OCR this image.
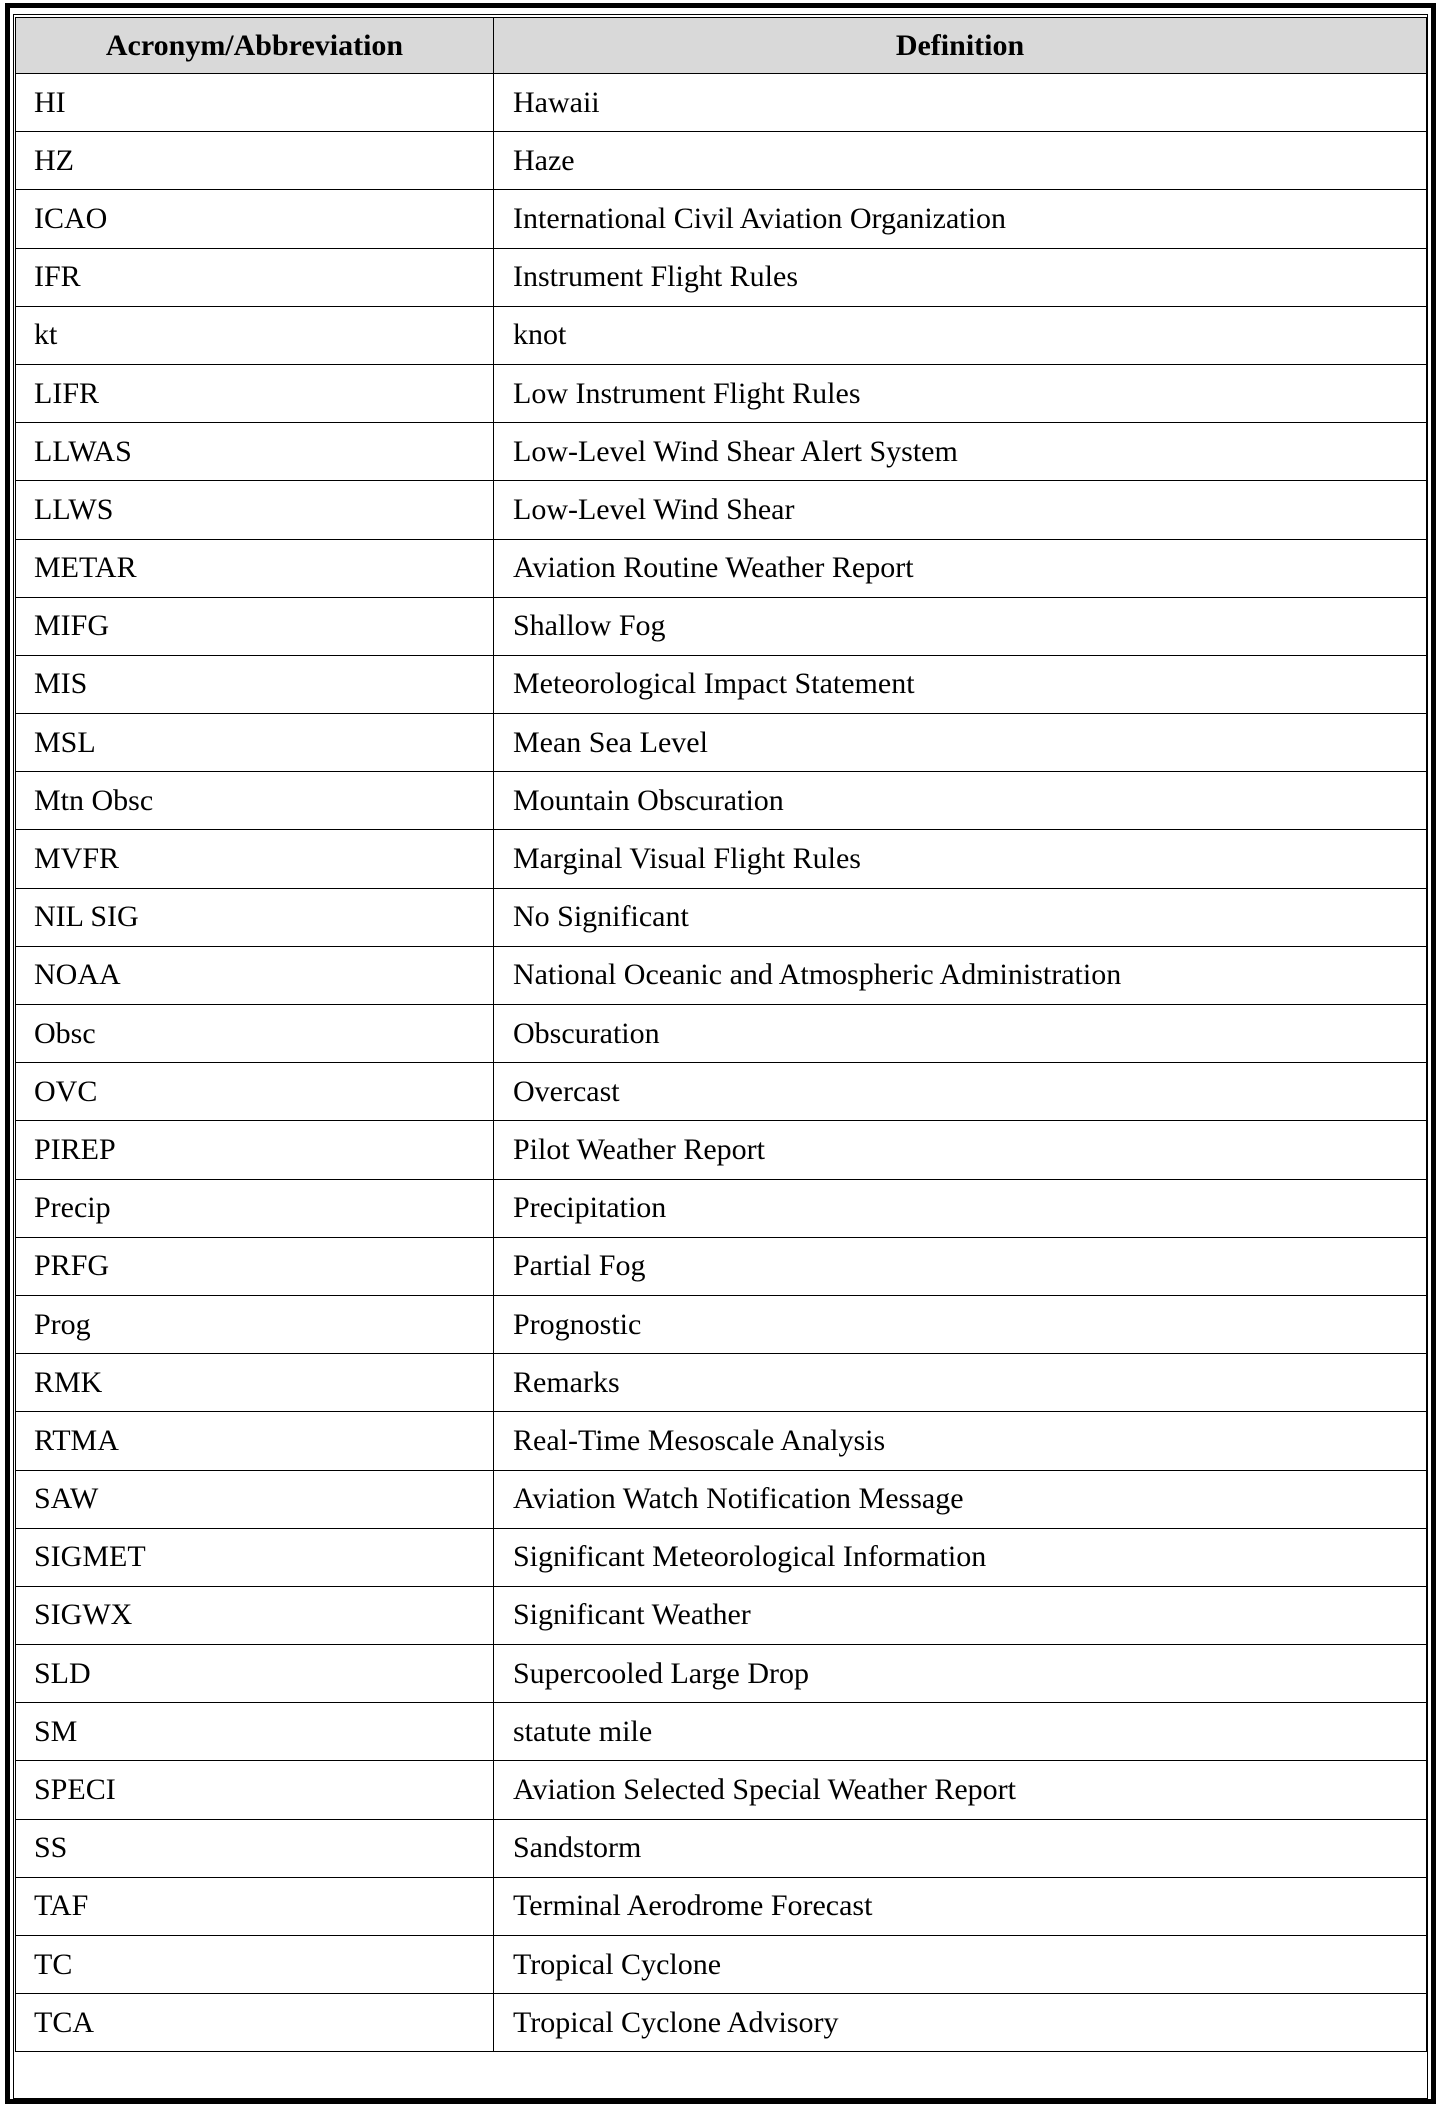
Acronym/Abbreviation	Definition
HI	Hawaii
HZ	Haze
ICAO	International Civil Aviation Organization
IFR	Instrument Flight Rules
kt	knot
LIFR	Low Instrument Flight Rules
LLWAS	Low-Level Wind Shear Alert System
LLWS	Low-Level Wind Shear
METAR	Aviation Routine Weather Report
MIFG	Shallow Fog
MIS	Meteorological Impact Statement
MSL	Mean Sea Level
Mtn Obsc	Mountain Obscuration
MVFR	Marginal Visual Flight Rules
NIL SIG	No Significant
NOAA	National Oceanic and Atmospheric Administration
Obsc	Obscuration
OVC	Overcast
PIREP	Pilot Weather Report
Precip	Precipitation
PRFG	Partial Fog
Prog	Prognostic
RMK	Remarks
RTMA	Real-Time Mesoscale Analysis
SAW	Aviation Watch Notification Message
SIGMET	Significant Meteorological Information
SIGWX	Significant Weather
SLD	Supercooled Large Drop
SM	statute mile
SPECI	Aviation Selected Special Weather Report
SS	Sandstorm
TAF	Terminal Aerodrome Forecast
TC	Tropical Cyclone
TCA	Tropical Cyclone Advisory
